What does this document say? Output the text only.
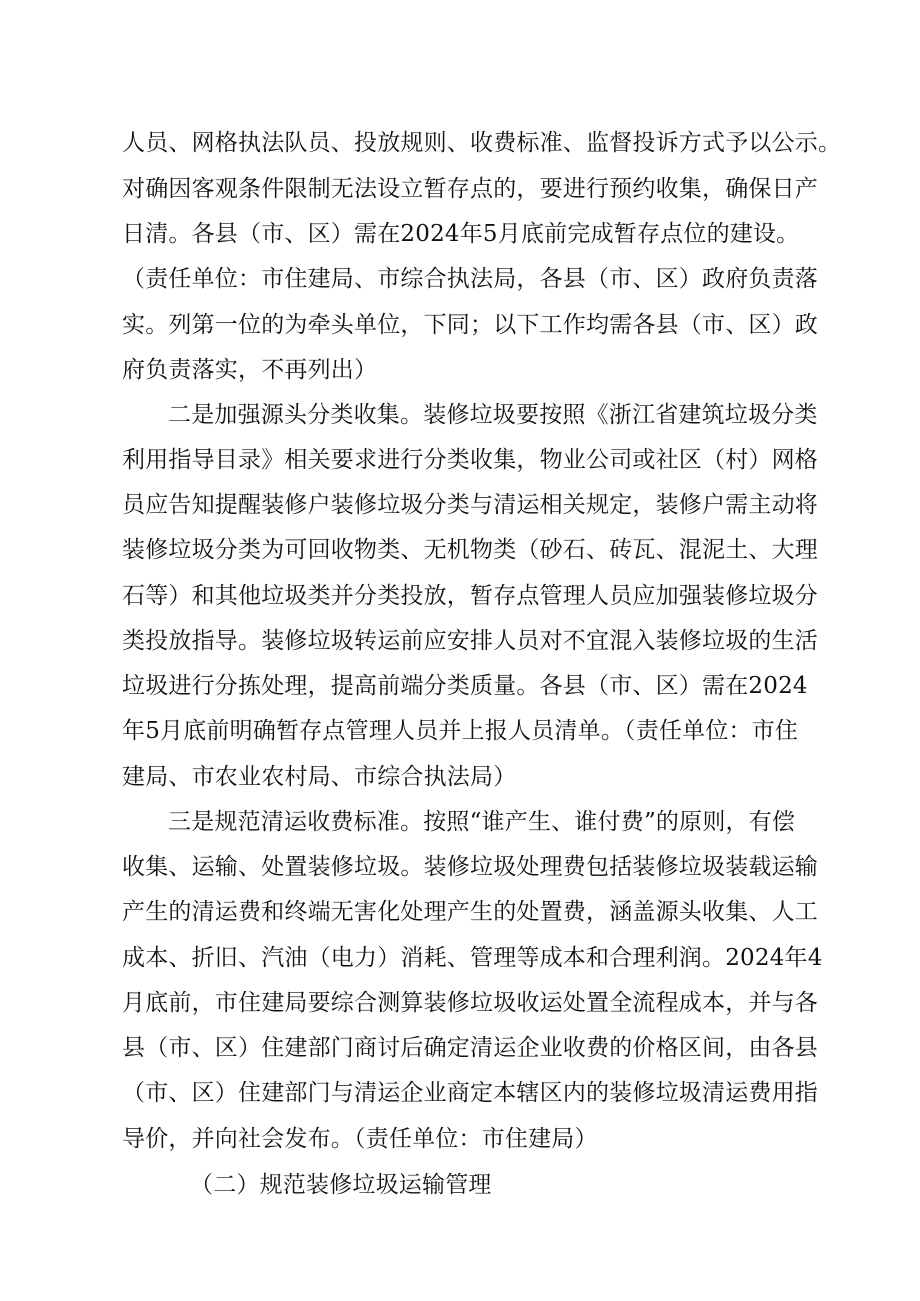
人员、网格执法队员、投放规则、收费标准、监督投诉方式予以公示。
对确因客观条件限制无法设立暂存点的，要进行预约收集，确保日产
日清。各县（市、区）需在2024年5月底前完成暂存点位的建设。
（责任单位：市住建局、市综合执法局，各县（市、区）政府负责落
实。列第一位的为牵头单位，下同；以下工作均需各县（市、区）政
府负责落实，不再列出）
二是加强源头分类收集。装修垃圾要按照《浙江省建筑垃圾分类
利用指导目录》相关要求进行分类收集，物业公司或社区（村）网格
员应告知提醒装修户装修垃圾分类与清运相关规定，装修户需主动将
装修垃圾分类为可回收物类、无机物类（砂石、砖瓦、混泥土、大理
石等）和其他垃圾类并分类投放，暂存点管理人员应加强装修垃圾分
类投放指导。装修垃圾转运前应安排人员对不宜混入装修垃圾的生活
垃圾进行分拣处理，提高前端分类质量。各县（市、区）需在2024
年5月底前明确暂存点管理人员并上报人员清单。（责任单位：市住
建局、市农业农村局、市综合执法局）
三是规范清运收费标准。按照“谁产生、谁付费”的原则，有偿
收集、运输、处置装修垃圾。装修垃圾处理费包括装修垃圾装载运输
产生的清运费和终端无害化处理产生的处置费，涵盖源头收集、人工
成本、折旧、汽油（电力）消耗、管理等成本和合理利润。2024年4
月底前，市住建局要综合测算装修垃圾收运处置全流程成本，并与各
县（市、区）住建部门商讨后确定清运企业收费的价格区间，由各县
（市、区）住建部门与清运企业商定本辖区内的装修垃圾清运费用指
导价，并向社会发布。（责任单位：市住建局）
（二）规范装修垃圾运输管理
